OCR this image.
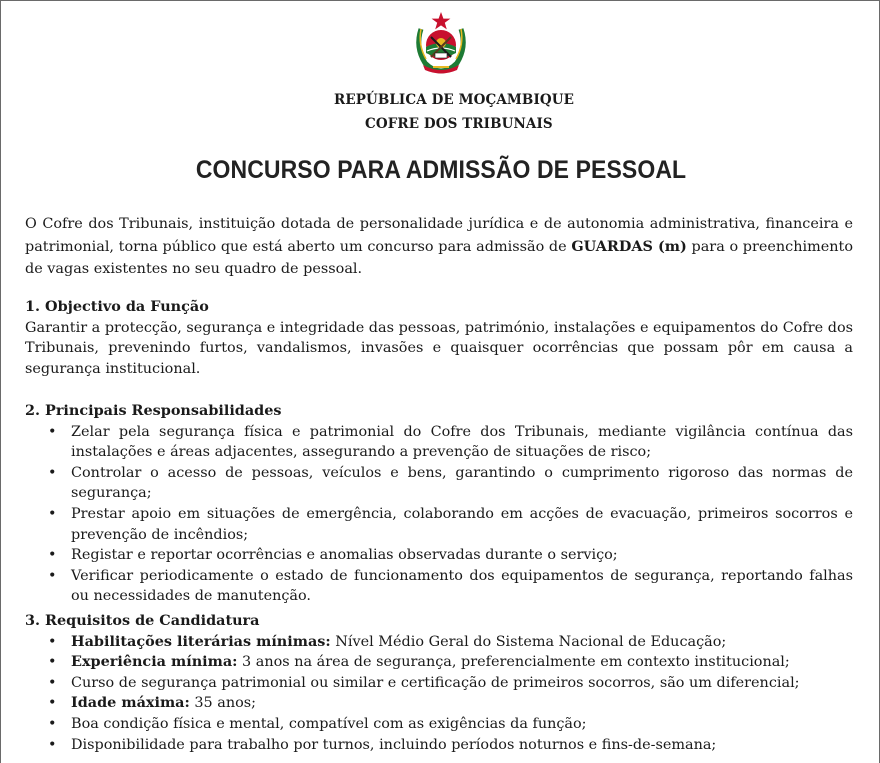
REPÚBLICA DE MOÇAMBIQUE
COFRE DOS TRIBUNAIS
CONCURSO PARA ADMISSÃO DE PESSOAL
O Cofre dos Tribunais, instituição dotada de personalidade jurídica e de autonomia administrativa, financeira e patrimonial, torna público que está aberto um concurso para admissão de GUARDAS (m) para o preenchimento de vagas existentes no seu quadro de pessoal.
1. Objectivo da Função
Garantir a protecção, segurança e integridade das pessoas, património, instalações e equipamentos do Cofre dos Tribunais, prevenindo furtos, vandalismos, invasões e quaisquer ocorrências que possam pôr em causa a segurança institucional.
2. Principais Responsabilidades
• Zelar pela segurança física e patrimonial do Cofre dos Tribunais, mediante vigilância contínua das instalações e áreas adjacentes, assegurando a prevenção de situações de risco;
• Controlar o acesso de pessoas, veículos e bens, garantindo o cumprimento rigoroso das normas de segurança;
• Prestar apoio em situações de emergência, colaborando em acções de evacuação, primeiros socorros e prevenção de incêndios;
• Registar e reportar ocorrências e anomalias observadas durante o serviço;
• Verificar periodicamente o estado de funcionamento dos equipamentos de segurança, reportando falhas ou necessidades de manutenção.
3. Requisitos de Candidatura
• Habilitações literárias mínimas: Nível Médio Geral do Sistema Nacional de Educação;
• Experiência mínima: 3 anos na área de segurança, preferencialmente em contexto institucional;
• Curso de segurança patrimonial ou similar e certificação de primeiros socorros, são um diferencial;
• Idade máxima: 35 anos;
• Boa condição física e mental, compatível com as exigências da função;
• Disponibilidade para trabalho por turnos, incluindo períodos noturnos e fins-de-semana;
